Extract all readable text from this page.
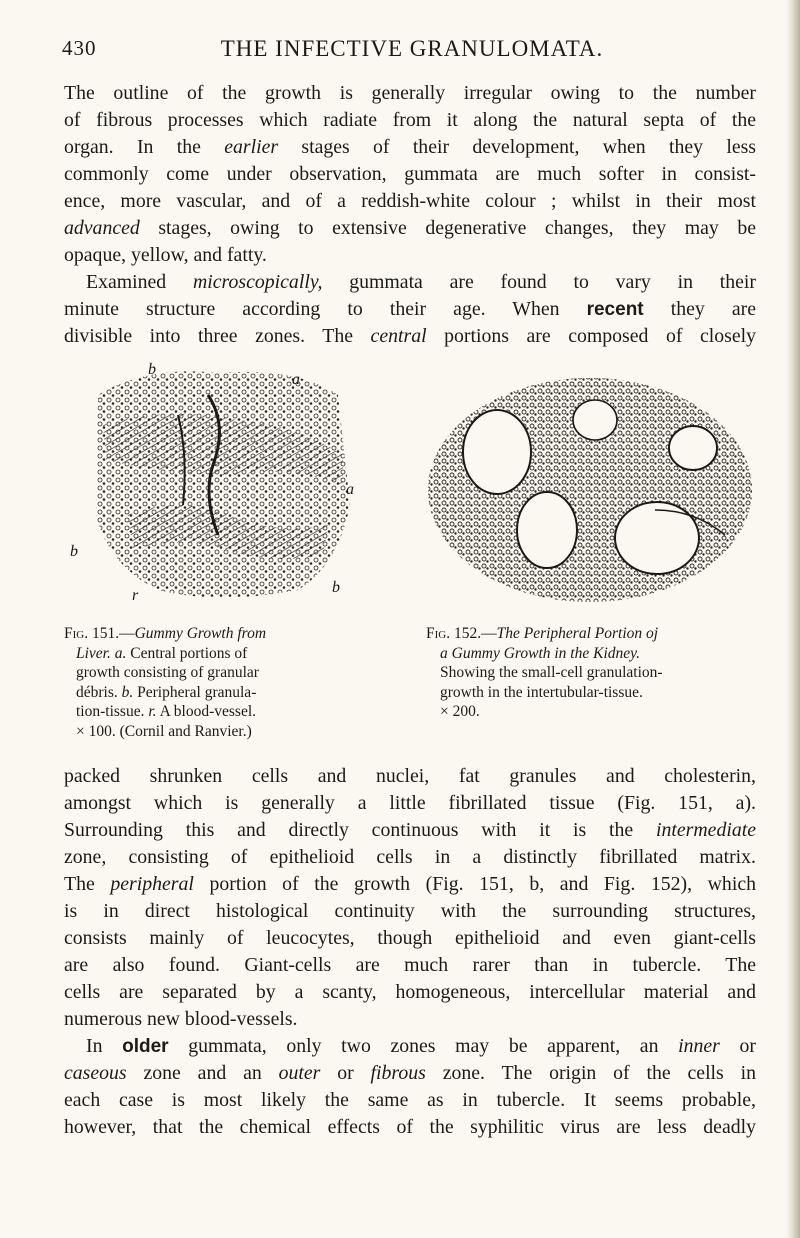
430	THE INFECTIVE GRANULOMATA.

The outline of the growth is generally irregular owing to the number
of fibrous processes which radiate from it along the natural septa of the
organ. In the earlier stages of their development, when they less
commonly come under observation, gummata are much softer in consist-
ence, more vascular, and of a reddish-white colour ; whilst in their most
advanced stages, owing to extensive degenerative changes, they may be
opaque, yellow, and fatty.

Examined microscopically, gummata are found to vary in their
minute structure according to their age. When recent they are
divisible into three zones. The central portions are composed of closely

b
a
a
b
b
r
Fig. 151.—Gummy Growth from
Liver. a. Central portions of
growth consisting of granular
débris. b. Peripheral granula-
tion-tissue. r. A blood-vessel.
× 100. (Cornil and Ranvier.)
Fig. 152.—The Peripheral Portion oj
a Gummy Growth in the Kidney.
Showing the small-cell granulation-
growth in the intertubular-tissue.
× 200.

packed shrunken cells and nuclei, fat granules and cholesterin,
amongst which is generally a little fibrillated tissue (Fig. 151, a).
Surrounding this and directly continuous with it is the intermediate
zone, consisting of epithelioid cells in a distinctly fibrillated matrix.
The peripheral portion of the growth (Fig. 151, b, and Fig. 152), which
is in direct histological continuity with the surrounding structures,
consists mainly of leucocytes, though epithelioid and even giant-cells
are also found. Giant-cells are much rarer than in tubercle. The
cells are separated by a scanty, homogeneous, intercellular material and
numerous new blood-vessels.

In older gummata, only two zones may be apparent, an inner or
caseous zone and an outer or fibrous zone. The origin of the cells in
each case is most likely the same as in tubercle. It seems probable,
however, that the chemical effects of the syphilitic virus are less deadly
